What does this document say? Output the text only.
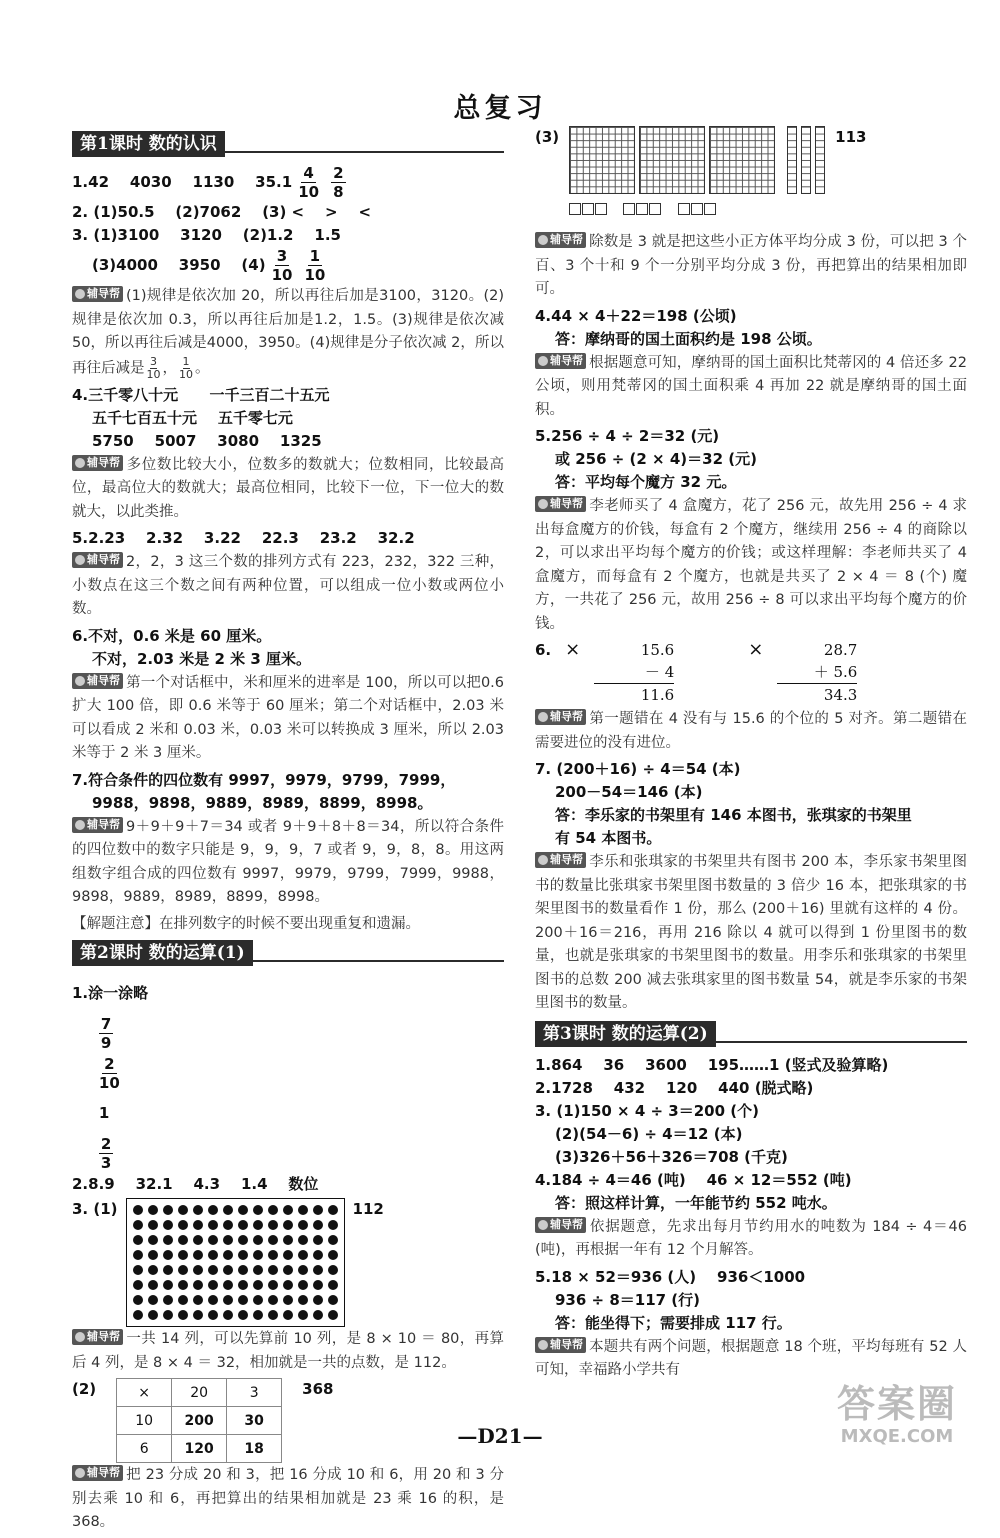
总复习
第1课时 数的认识

1.42    4030    1130    $35.1 \frac{4}{10} \frac{2}{8}$

2. (1)50.5    (2)7062    (3) <    >    <

3. (1)3100    3120    (2)1.2    1.5

(3)4000    3950    $(4) \frac{3}{10} \frac{1}{10}$

辅导帮 (1)规律是依次加 20，所以再往后加是3100，3120。(2)规律是依次加 0.3，所以再往后加是1.2，1.5。(3)规律是依次减 50，所以再往后减是4000，3950。(4)规律是分子依次减 2，所以再往后减是 $\frac{3}{10}$ ， $\frac{1}{10}$ 。

4.三千零八十元      一千三百二十五元

五千七百五十元    五千零七元

5750    5007    3080    1325

辅导帮 多位数比较大小，位数多的数就大；位数相同，比较最高位，最高位大的数就大；最高位相同，比较下一位，下一位大的数就大，以此类推。

5.2.23    2.32    3.22    22.3    23.2    32.2

辅导帮 2，2，3 这三个数的排列方式有 223，232，322 三种，小数点在这三个数之间有两种位置，可以组成一位小数或两位小数。

6.不对，0.6 米是 60 厘米。

不对，2.03 米是 2 米 3 厘米。

辅导帮 第一个对话框中，米和厘米的进率是 100，所以可以把0.6扩大 100 倍，即 0.6 米等于 60 厘米；第二个对话框中，2.03 米可以看成 2 米和 0.03 米，0.03 米可以转换成 3 厘米，所以 2.03 米等于 2 米 3 厘米。

7.符合条件的四位数有 9997，9979，9799，7999，

9988，9898，9889，8989，8899，8998。

辅导帮 9＋9＋9＋7＝34 或者 9＋9＋8＋8＝34，所以符合条件的四位数中的数字只能是 9，9，9，7 或者 9，9，8，8。用这两组数字组合成的四位数有 9997，9979，9799，7999，9988，9898，9889，8989，8899，8998。
【解题注意】在排列数字的时候不要出现重复和遗漏。
第2课时 数的运算(1)

1.涂一涂略

$\frac{7}{9}$

$\frac{2}{10}$

1

$\frac{2}{3}$

2.8.9    32.1    4.3    1.4    数位

3. (1)	112
辅导帮 一共 14 列，可以先算前 10 列，是 8 × 10 ＝ 80，再算后 4 列，是 8 × 4 ＝ 32，相加就是一共的点数，是 112。
(2)	×	20	3
10	200	30
6	120	18
368
辅导帮 把 23 分成 20 和 3，把 16 分成 10 和 6，用 20 和 3 分别去乘 10 和 6，再把算出的结果相加就是 23 乘 16 的积，是 368。
(3)
	113
辅导帮 除数是 3 就是把这些小正方体平均分成 3 份，可以把 3 个百、3 个十和 9 个一分别平均分成 3 份，再把算出的结果相加即可。

4.44 × 4＋22＝198 (公顷)

答：摩纳哥的国土面积约是 198 公顷。

辅导帮 根据题意可知，摩纳哥的国土面积比梵蒂冈的 4 倍还多 22 公顷，则用梵蒂冈的国土面积乘 4 再加 22 就是摩纳哥的国土面积。

5.256 ÷ 4 ÷ 2＝32 (元)

或 256 ÷ (2 × 4)＝32 (元)

答：平均每个魔方 32 元。

辅导帮 李老师买了 4 盒魔方，花了 256 元，故先用 256 ÷ 4 求出每盒魔方的价钱，每盒有 2 个魔方，继续用 256 ÷ 4 的商除以 2，可以求出平均每个魔方的价钱；或这样理解：李老师共买了 4 盒魔方，而每盒有 2 个魔方，也就是共买了 2 × 4 ＝ 8 (个) 魔方，一共花了 256 元，故用 256 ÷ 8 可以求出平均每个魔方的价钱。
6. ×	15.6
－ 4
11.6
×	28.7
＋ 5.6
34.3
辅导帮 第一题错在 4 没有与 15.6 的个位的 5 对齐。第二题错在需要进位的没有进位。

7. (200＋16) ÷ 4＝54 (本)

200－54＝146 (本)

答：李乐家的书架里有 146 本图书，张琪家的书架里

有 54 本图书。

辅导帮 李乐和张琪家的书架里共有图书 200 本，李乐家书架里图书的数量比张琪家书架里图书数量的 3 倍少 16 本，把张琪家的书架里图书的数量看作 1 份，那么 (200＋16) 里就有这样的 4 份。200＋16＝216，再用 216 除以 4 就可以得到 1 份里图书的数量，也就是张琪家的书架里图书的数量。用李乐和张琪家的书架里图书的总数 200 减去张琪家里的图书数量 54，就是李乐家的书架里图书的数量。
第3课时 数的运算(2)

1.864    36    3600    195……1 (竖式及验算略)

2.1728    432    120    440 (脱式略)

3. (1)150 × 4 ÷ 3＝200 (个)

(2)(54－6) ÷ 4＝12 (本)

(3)326＋56＋326＝708 (千克)

4.184 ÷ 4＝46 (吨)    46 × 12＝552 (吨)

答：照这样计算，一年能节约 552 吨水。

辅导帮 依据题意，先求出每月节约用水的吨数为 184 ÷ 4＝46 (吨)，再根据一年有 12 个月解答。

5.18 × 52＝936 (人)    936＜1000

936 ÷ 8＝117 (行)

答：能坐得下；需要排成 117 行。

辅导帮 本题共有两个问题，根据题意 18 个班，平均每班有 52 人可知，幸福路小学共有
—D21—
答案圈
MXQE.COM
